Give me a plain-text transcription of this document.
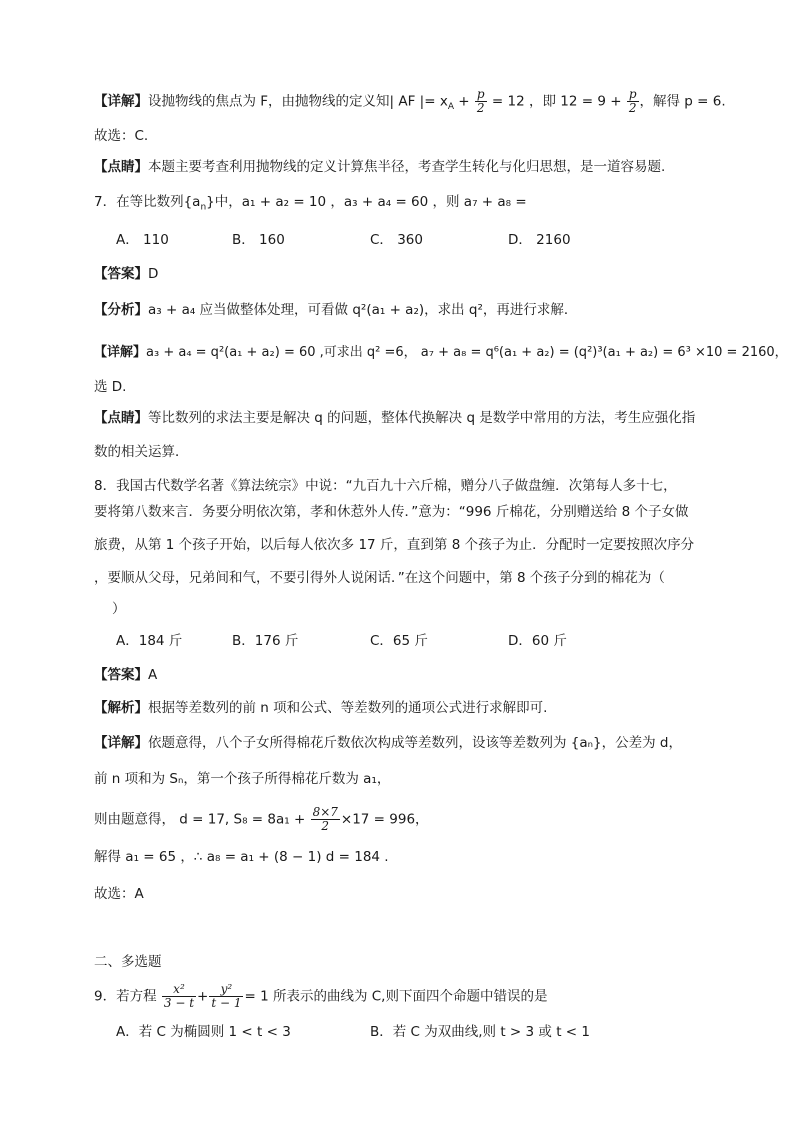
【详解】设抛物线的焦点为 F，由抛物线的定义知| AF |= $x_A + \frac{p}{2} = 12$ ，即 $12 = 9 + \frac{p}{2}$ ，解得 p = 6.
故选：C.
【点睛】本题主要考查利用抛物线的定义计算焦半径，考查学生转化与化归思想，是一道容易题.
7．在等比数列$\{a_n\}$中，a₁ + a₂ = 10 ，a₃ + a₄ = 60 ，则 a₇ + a₈ =
A． 110	B． 160	C． 360	D． 2160
【答案】D
【分析】a₃ + a₄ 应当做整体处理，可看做 q²(a₁ + a₂)，求出 q²，再进行求解．
【详解】a₃ + a₄ = q²(a₁ + a₂) = 60 ,可求出 q² =6， a₇ + a₈ = q⁶(a₁ + a₂) = (q²)³(a₁ + a₂) = 6³ ×10 = 2160，
选 D.
【点睛】等比数列的求法主要是解决 q 的问题，整体代换解决 q 是数学中常用的方法，考生应强化指
数的相关运算．
8．我国古代数学名著《算法统宗》中说：“九百九十六斤棉，赠分八子做盘缠．次第每人多十七，
要将第八数来言．务要分明依次第，孝和休惹外人传．”意为：“996 斤棉花，分别赠送给 8 个子女做
旅费，从第 1 个孩子开始，以后每人依次多 17 斤，直到第 8 个孩子为止．分配时一定要按照次序分
，要顺从父母，兄弟间和气，不要引得外人说闲话．”在这个问题中，第 8 个孩子分到的棉花为（
）
A．184 斤	B．176 斤	C．65 斤	D．60 斤
【答案】A
【解析】根据等差数列的前 n 项和公式、等差数列的通项公式进行求解即可.
【详解】依题意得，八个子女所得棉花斤数依次构成等差数列，设该等差数列为 {aₙ}，公差为 d，
前 n 项和为 Sₙ，第一个孩子所得棉花斤数为 a₁，
则由题意得， d = 17, $S_8 = 8a_1 + \frac{8\times 7}{2} \times 17 = 996$，
解得 a₁ = 65 ，∴ a₈ = a₁ + (8 − 1) d = 184 .
故选：A
二、多选题
9．若方程 $\frac{\text{x²}}{3 - t} + \frac{\text{y²}}{t - 1} = 1$ 所表示的曲线为 C,则下面四个命题中错误的是
A．若 C 为椭圆则 1 < t < 3	B．若 C 为双曲线,则 t > 3 或 t < 1
